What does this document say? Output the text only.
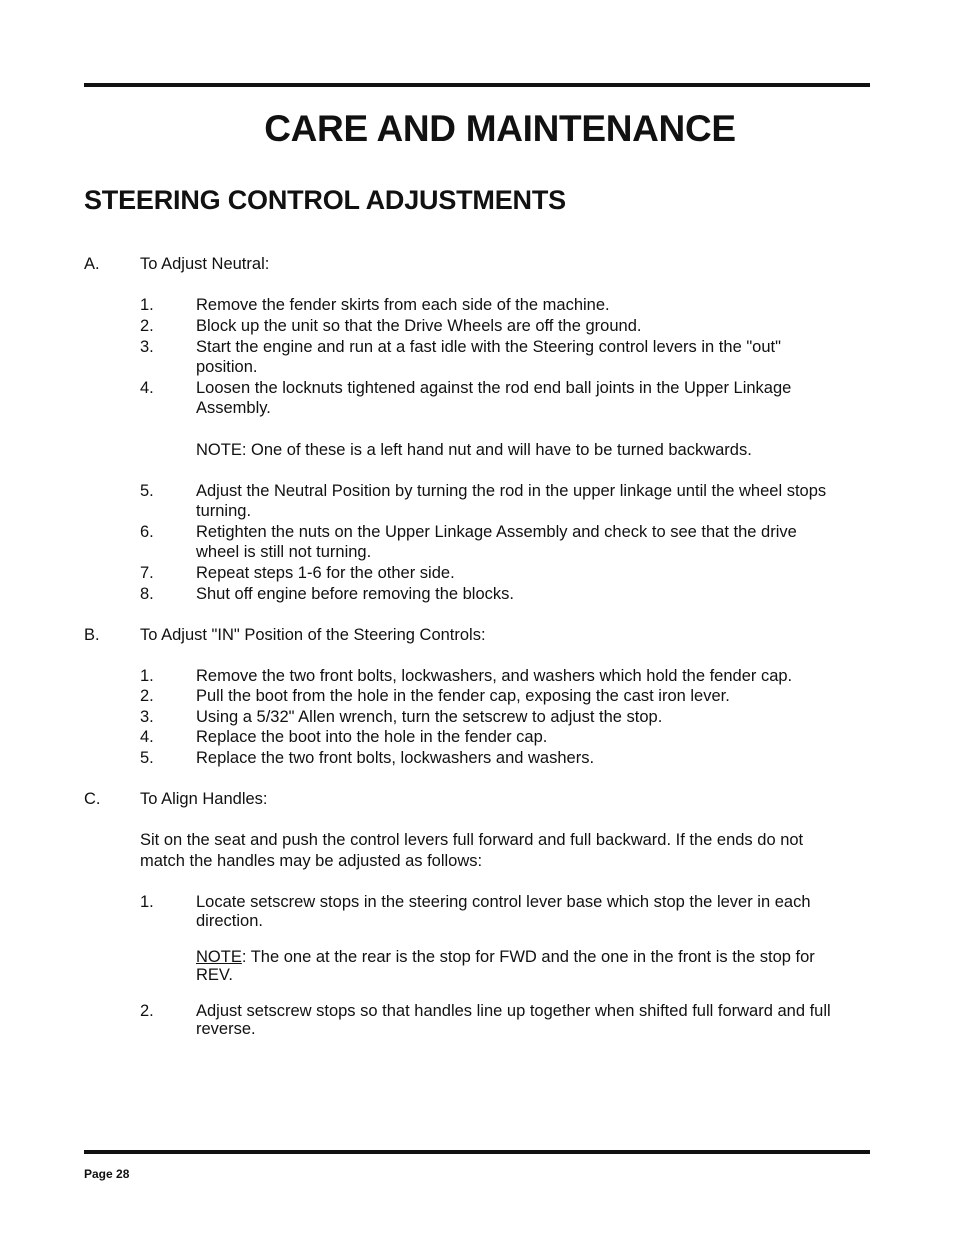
CARE AND MAINTENANCE
STEERING CONTROL ADJUSTMENTS
A. To Adjust Neutral:
1.	Remove the fender skirts from each side of the machine.
2.	Block up the unit so that the Drive Wheels are off the ground.
3.	Start the engine and run at a fast idle with the Steering control levers in the "out"
position.
4.	Loosen the locknuts tightened against the rod end ball joints in the Upper Linkage
Assembly.
NOTE: One of these is a left hand nut and will have to be turned backwards.
5.	Adjust the Neutral Position by turning the rod in the upper linkage until the wheel stops
turning.
6.	Retighten the nuts on the Upper Linkage Assembly and check to see that the drive
wheel is still not turning.
7.	Repeat steps 1-6 for the other side.
8.	Shut off engine before removing the blocks.
B. To Adjust "IN" Position of the Steering Controls:
1.	Remove the two front bolts, lockwashers, and washers which hold the fender cap.
2.	Pull the boot from the hole in the fender cap, exposing the cast iron lever.
3.	Using a 5/32" Allen wrench, turn the setscrew to adjust the stop.
4.	Replace the boot into the hole in the fender cap.
5.	Replace the two front bolts, lockwashers and washers.
C. To Align Handles:
Sit on the seat and push the control levers full forward and full backward. If the ends do not
match the handles may be adjusted as follows:
1.	Locate setscrew stops in the steering control lever base which stop the lever in each
direction.
NOTE: The one at the rear is the stop for FWD and the one in the front is the stop for
REV.
2.	Adjust setscrew stops so that handles line up together when shifted full forward and full
reverse.
Page 28
